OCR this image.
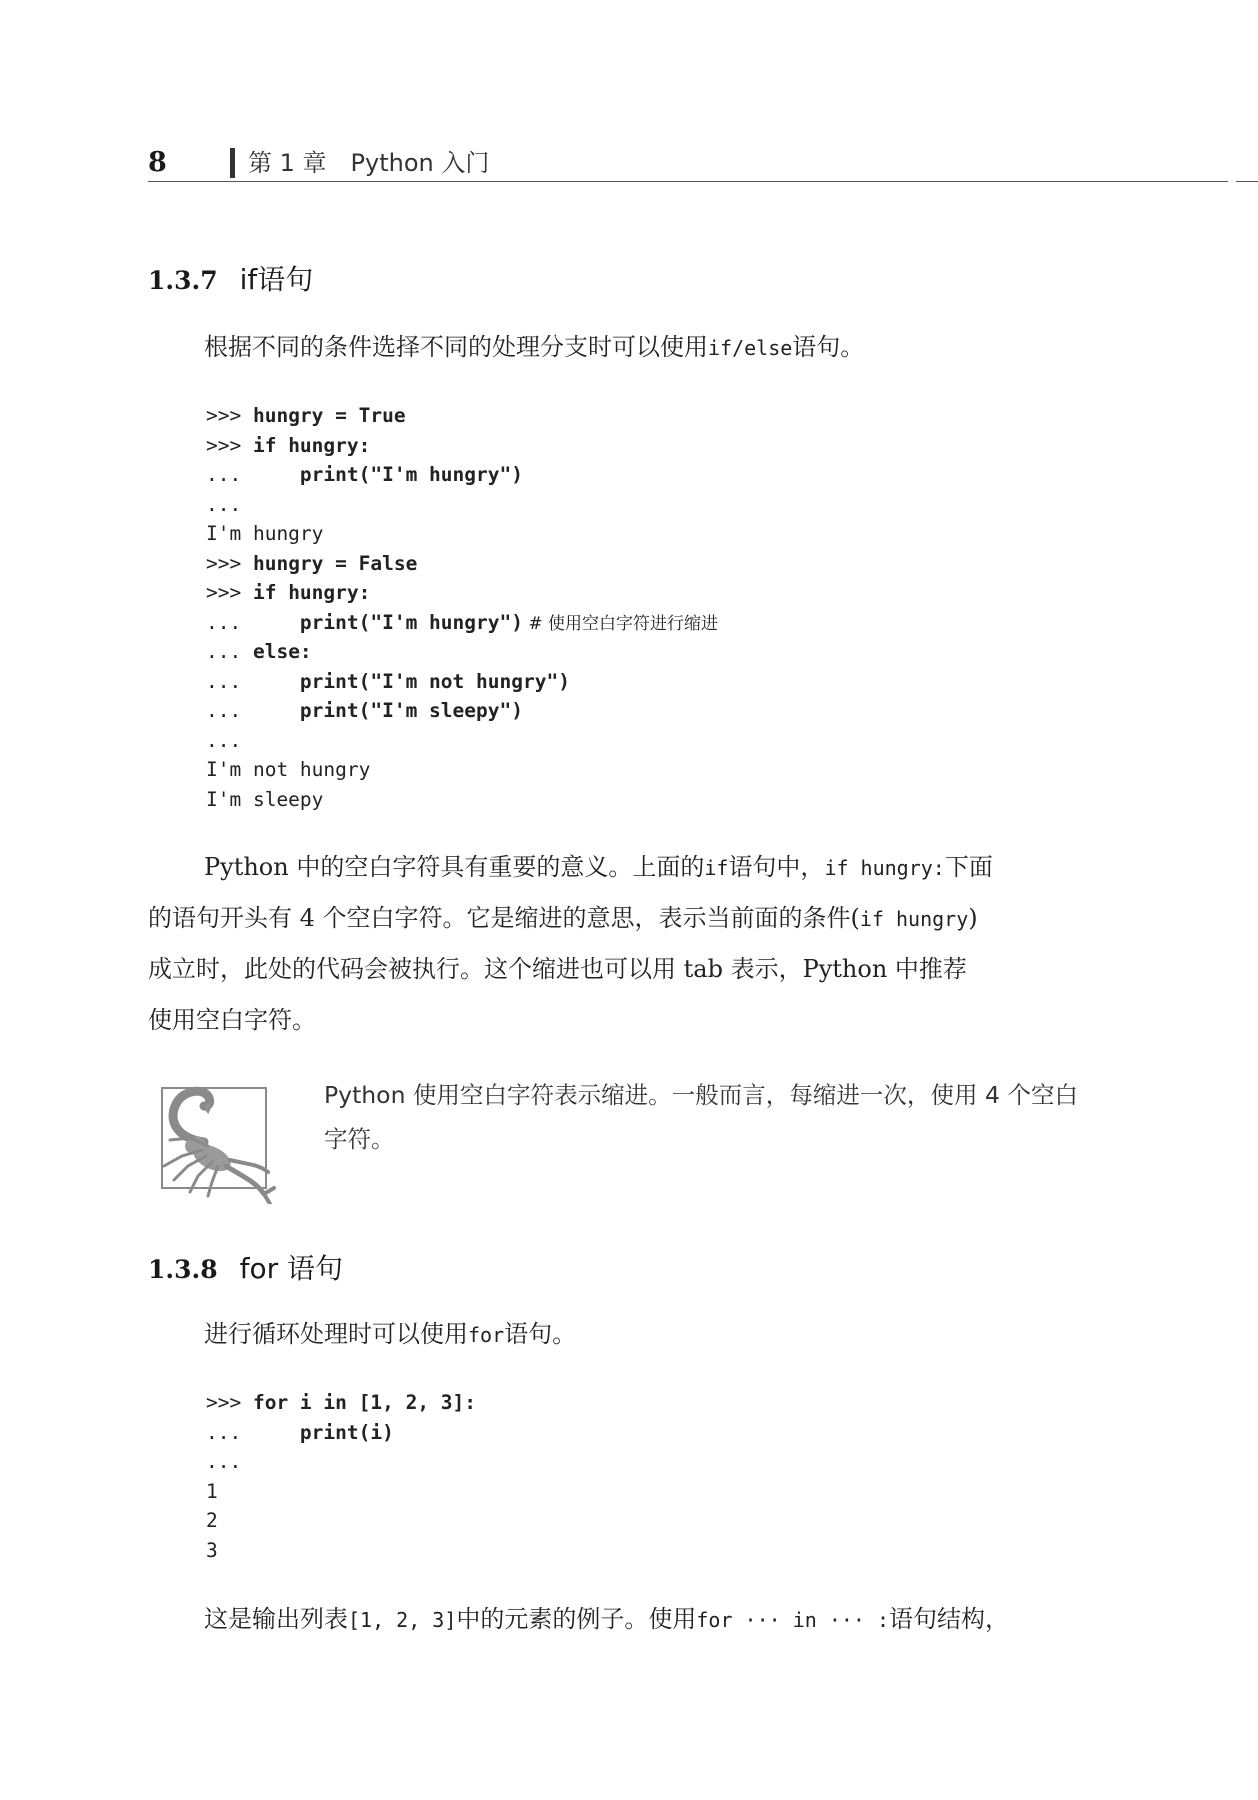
8	第 1 章　Python 入门
1.3.7 if语句
根据不同的条件选择不同的处理分支时可以使用if/else语句。
>>> hungry = True
>>> if hungry:
...     print("I'm hungry")
...
I'm hungry
>>> hungry = False
>>> if hungry:
...     print("I'm hungry") # 使用空白字符进行缩进
... else:
...     print("I'm not hungry")
...     print("I'm sleepy")
...
I'm not hungry
I'm sleepy
Python 中的空白字符具有重要的意义。上面的if语句中，if hungry:下面
的语句开头有 4 个空白字符。它是缩进的意思，表示当前面的条件(if hungry)
成立时，此处的代码会被执行。这个缩进也可以用 tab 表示，Python 中推荐
使用空白字符。
Python 使用空白字符表示缩进。一般而言，每缩进一次，使用 4 个空白字符。
1.3.8 for 语句
进行循环处理时可以使用for语句。
>>> for i in [1, 2, 3]:
...     print(i)
...
1
2
3
这是输出列表[1, 2, 3]中的元素的例子。使用for ··· in ··· :语句结构，
